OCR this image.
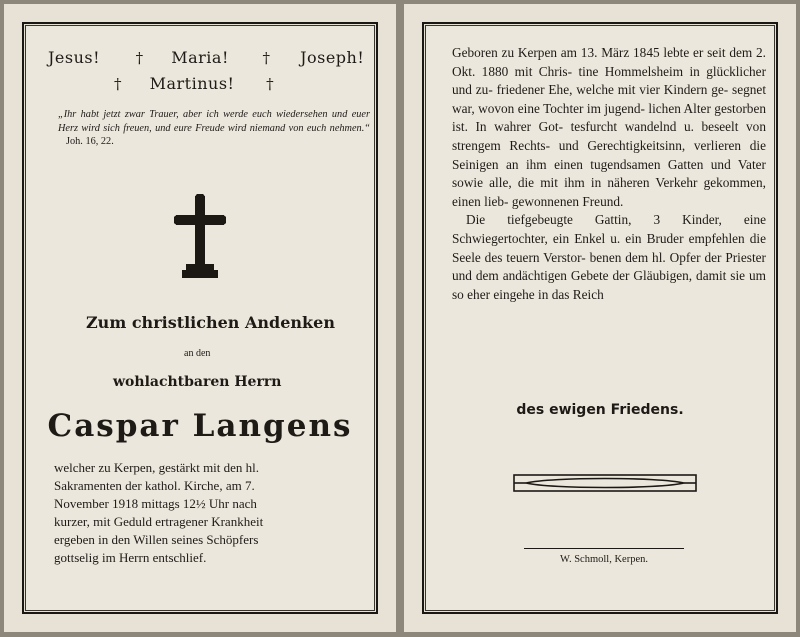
Jesus! † Maria! † Joseph!
† Martinus! †
„Ihr habt jetzt zwar Trauer, aber ich werde euch wiedersehen und euer Herz wird sich freuen, und eure Freude wird niemand von euch nehmen.“ Joh. 16, 22.
Zum christlichen Andenken
an den
wohlachtbaren Herrn
Caspar Langens

welcher zu Kerpen, gestärkt mit den hl.

Sakramenten der kathol. Kirche, am 7.

November 1918 mittags 12½ Uhr nach

kurzer, mit Geduld ertragener Krankheit

ergeben in den Willen seines Schöpfers

gottselig im Herrn entschlief.

Geboren zu Kerpen am 13. März 1845 lebte er seit dem 2. Okt. 1880 mit Chris- tine Hommelsheim in glücklicher und zu- friedener Ehe, welche mit vier Kindern ge- segnet war, wovon eine Tochter im jugend- lichen Alter gestorben ist. In wahrer Got- tesfurcht wandelnd u. beseelt von strengem Rechts- und Gerechtigkeitsinn, verlieren die Seinigen an ihm einen tugendsamen Gatten und Vater sowie alle, die mit ihm in näheren Verkehr gekommen, einen lieb- gewonnenen Freund.

Die tiefgebeugte Gattin, 3 Kinder, eine Schwiegertochter, ein Enkel u. ein Bruder empfehlen die Seele des teuern Verstor- benen dem hl. Opfer der Priester und dem andächtigen Gebete der Gläubigen, damit sie um so eher eingehe in das Reich

des ewigen Friedens.
W. Schmoll, Kerpen.
